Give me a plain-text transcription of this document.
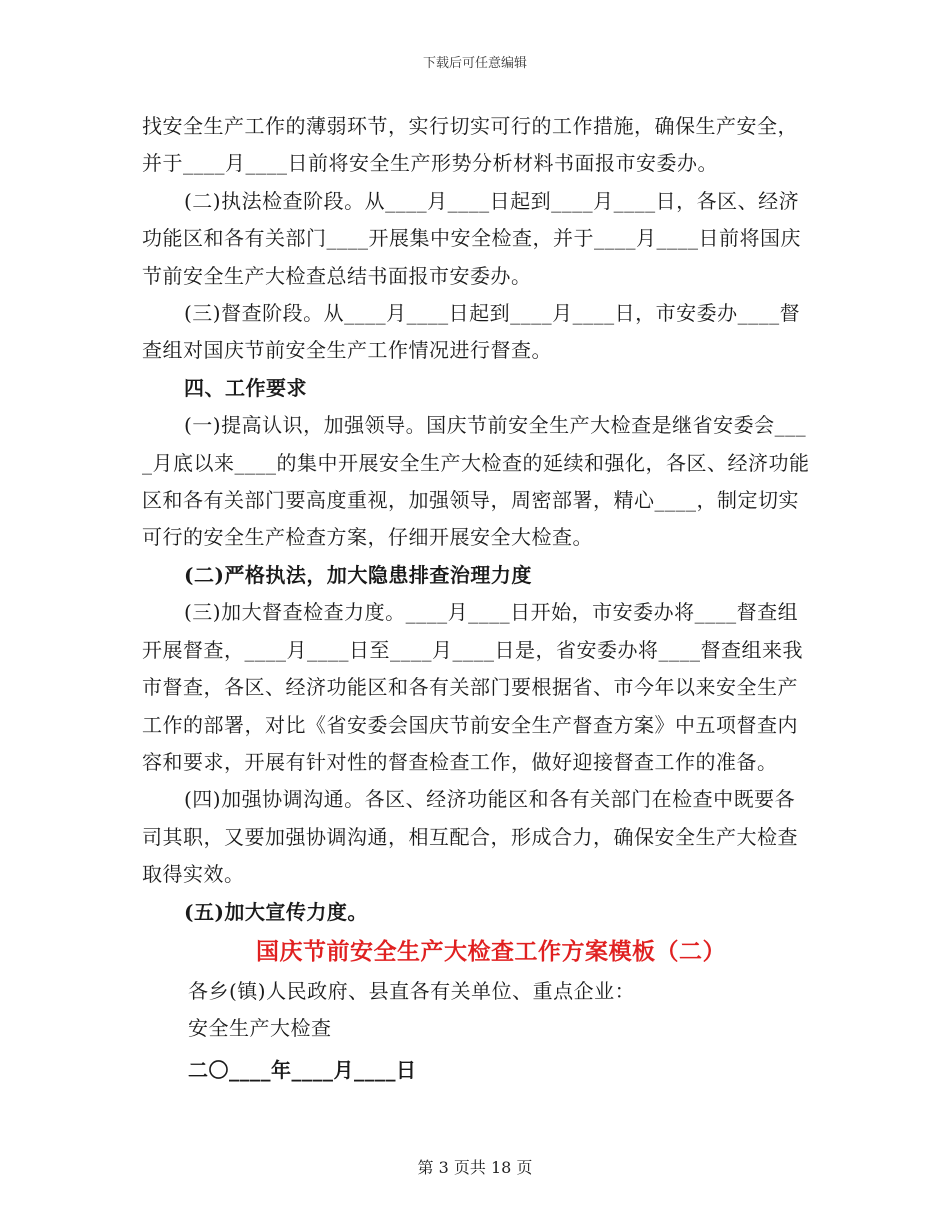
下载后可任意编辑

找安全生产工作的薄弱环节，实行切实可行的工作措施，确保生产安全，并于____月____日前将安全生产形势分析材料书面报市安委办。

(二)执法检查阶段。从____月____日起到____月____日，各区、经济功能区和各有关部门____开展集中安全检查，并于____月____日前将国庆节前安全生产大检查总结书面报市安委办。

(三)督查阶段。从____月____日起到____月____日，市安委办____督查组对国庆节前安全生产工作情况进行督查。

四、工作要求

(一)提高认识，加强领导。国庆节前安全生产大检查是继省安委会____月底以来____的集中开展安全生产大检查的延续和强化，各区、经济功能区和各有关部门要高度重视，加强领导，周密部署，精心____，制定切实可行的安全生产检查方案，仔细开展安全大检查。

(二)严格执法，加大隐患排查治理力度

(三)加大督查检查力度。____月____日开始，市安委办将____督查组开展督查，____月____日至____月____日是，省安委办将____督查组来我市督查，各区、经济功能区和各有关部门要根据省、市今年以来安全生产工作的部署，对比《省安委会国庆节前安全生产督查方案》中五项督查内容和要求，开展有针对性的督查检查工作，做好迎接督查工作的准备。

(四)加强协调沟通。各区、经济功能区和各有关部门在检查中既要各司其职，又要加强协调沟通，相互配合，形成合力，确保安全生产大检查取得实效。

(五)加大宣传力度。

国庆节前安全生产大检查工作方案模板（二）

各乡(镇)人民政府、县直各有关单位、重点企业：

安全生产大检查

二〇____年____月____日

第 3 页共 18 页
